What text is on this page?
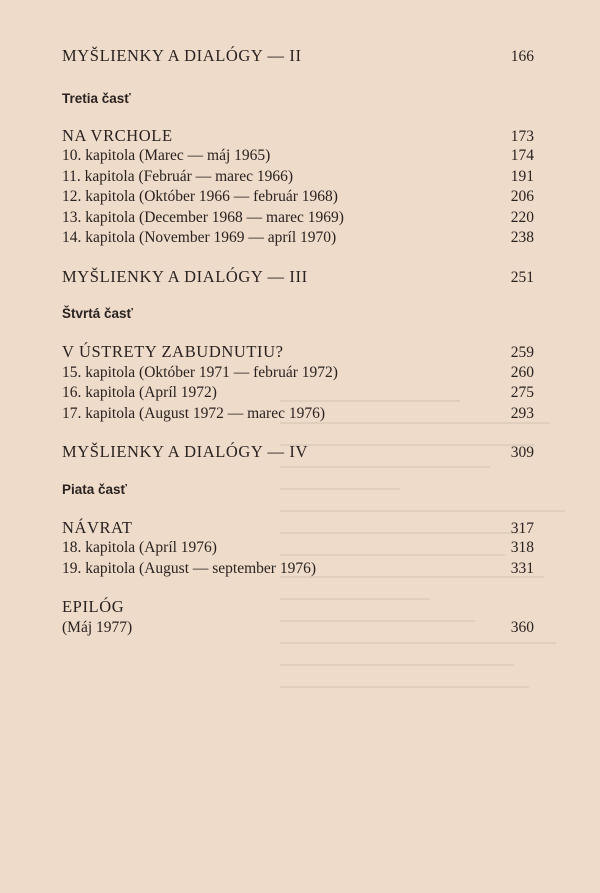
MYŠLIENKY A DIALÓGY — II	166
Tretia časť
NA VRCHOLE	173
10. kapitola (Marec — máj 1965)	174
11. kapitola (Február — marec 1966)	191
12. kapitola (Október 1966 — február 1968)	206
13. kapitola (December 1968 — marec 1969)	220
14. kapitola (November 1969 — apríl 1970)	238
MYŠLIENKY A DIALÓGY — III	251
Štvrtá časť
V ÚSTRETY ZABUDNUTIU?	259
15. kapitola (Október 1971 — február 1972)	260
16. kapitola (Apríl 1972)	275
17. kapitola (August 1972 — marec 1976)	293
MYŠLIENKY A DIALÓGY — IV	309
Piata časť
NÁVRAT	317
18. kapitola (Apríl 1976)	318
19. kapitola (August — september 1976)	331
EPILÓG
(Máj 1977)	360
